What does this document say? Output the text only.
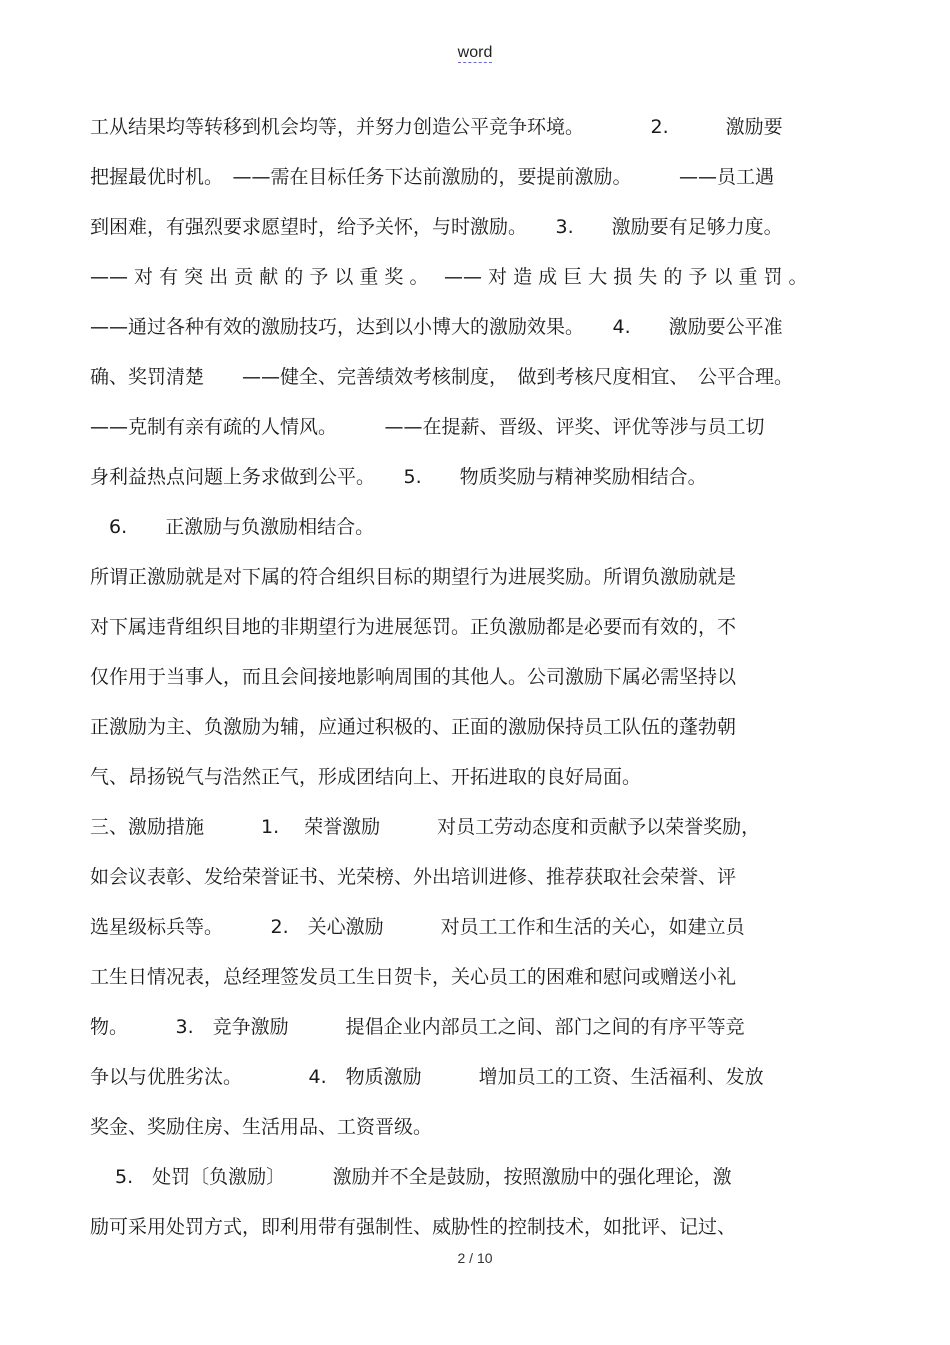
word
工从结果均等转移到机会均等，并努力创造公平竞争环境。　　　　2.　　　激励要
把握最优时机。　——需在目标任务下达前激励的，要提前激励。　　　——员工遇
到困难，有强烈要求愿望时，给予关怀，与时激励。　　3.　　激励要有足够力度。
—— 对 有 突 出 贡 献 的 予 以 重 奖 。　 —— 对 造 成 巨 大 损 失 的 予 以 重 罚 。
——通过各种有效的激励技巧，达到以小博大的激励效果。　　4.　　激励要公平准
确、奖罚清楚　　——健全、完善绩效考核制度，　做到考核尺度相宜、　公平合理。
——克制有亲有疏的人情风。　　　——在提薪、晋级、评奖、评优等涉与员工切
身利益热点问题上务求做到公平。　　5.　　物质奖励与精神奖励相结合。
　6.　　正激励与负激励相结合。
所谓正激励就是对下属的符合组织目标的期望行为进展奖励。所谓负激励就是
对下属违背组织目地的非期望行为进展惩罚。正负激励都是必要而有效的，不
仅作用于当事人，而且会间接地影响周围的其他人。公司激励下属必需坚持以
正激励为主、负激励为辅，应通过积极的、正面的激励保持员工队伍的蓬勃朝
气、昂扬锐气与浩然正气，形成团结向上、开拓进取的良好局面。
三、激励措施　　　1.　 荣誉激励　　　对员工劳动态度和贡献予以荣誉奖励，
如会议表彰、发给荣誉证书、光荣榜、外出培训进修、推荐获取社会荣誉、评
选星级标兵等。　　　2.　关心激励　　　对员工工作和生活的关心，如建立员
工生日情况表，总经理签发员工生日贺卡，关心员工的困难和慰问或赠送小礼
物。　　　3.　竞争激励　　　提倡企业内部员工之间、部门之间的有序平等竞
争以与优胜劣汰。　　　　4.　物质激励　　　增加员工的工资、生活福利、发放
奖金、奖励住房、生活用品、工资晋级。
　 5.　处罚〔负激励〕　　　激励并不全是鼓励，按照激励中的强化理论，激
励可采用处罚方式，即利用带有强制性、威胁性的控制技术，如批评、记过、
2 / 10
